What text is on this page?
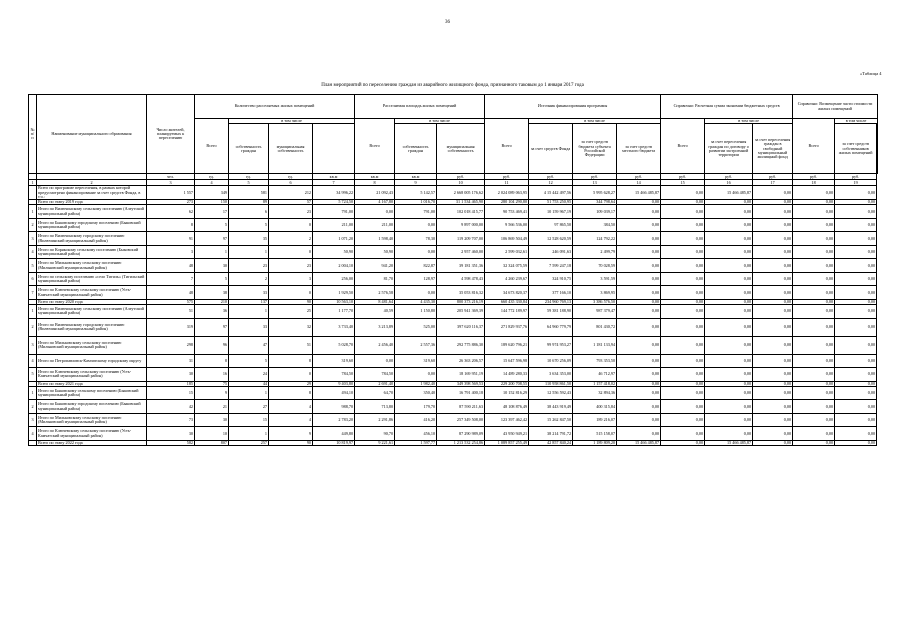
36
«Таблица 4
План мероприятий по переселению граждан из аварийного жилищного фонда, признанного таковым до 1 января 2017 года
№ п/п	Наименование муниципального образования	Число жителей, планируемых к переселению	Количество расселяемых жилых помещений				Расселяемая площадь жилых помещений			Источник финансирования программы				Справочно: Расчетная сумма экономии бюджетных средств			Справочно: Возмещение части стоимости жилых помещений		
			Всего	в том числе			Всего	в том числе		Всего	в том числе			Всего	в том числе		Всего	в том числе	
				собственность граждан	муниципальная собственность			собственность граждан	муниципальная собственность		за счет средств Фонда	за счет средств бюджета субъекта Российской Федерации	за счет средств местного бюджета		за счет переселения граждан по договору о развитии застроенной территории	за счет переселения граждан в свободный муниципальный жилищный фонд		за счет средств собственников жилых помещений	
		чел.	ед.	ед.	ед.	кв.м	кв.м	кв.м	руб.	руб.	руб.	руб.	руб.	руб.	руб.	руб.	руб.	руб.	
1	2	3	4	5	6	7	8	9	10	11	12	13	14	15	16	17	18	19	
	Всего по программе переселения, в рамках которой предусмотрено финансирование за счет средств Фонда, в т.ч.:	1 557	349	581	212	34 996,22	21 092,43	5 142,57	2 668 005 176,62	2 024 089 063,95	4 15 442 497,56	5 995 628,27	15 466 485,87	0,00	15 466 485,87	0,00	0,00	0,00	
	Всего по этапу 2019 года	273	150	89	57	5 724,50	4 167,80	1 016,70	31 1 534 465,90	280 104 290,80	51 753 250,95	344 798,64	0,00	0,00	0,00	0,00	0,00	0,00	
1	Итого по Вилючинскому сельскому поселению (Алеутский муниципальный район)	62	17	6	23	791,00	0,00	791,00	102 018 415,77	90 753 469,41	10 159 967,19	109 039,17	0,00	0,00	0,00	0,00	0,00	0,00	
2	Итого по Быковскому городскому поселению (Быковский муниципальный район)	8	5	5	0	211,00	211,00	0,00	9 897 000,00	9 566 536,00	97 865,50	384,50	0,00	0,00	0,00	0,00	0,00	0,00	
3	Итого по Вилючинскому городскому поселению (Вилючинский муниципальный район)	91	97	35	2	1 071,20	1 598,40	78,30	119 209 707,00	106 869 504,49	12 528 620,59	124 792,22	0,00	0,00	0,00	0,00	0,00	0,00	
4	Итого по Корякскому сельскому поселению (Быковский муниципальный район)	3	1	1	0	50,90	50,90	0,00	2 957 460,00	2 599 032,61	246 091,63	2 499,79	0,00	0,00	0,00	0,00	0,00	0,00	
5	Итого по Мильковскому сельскому поселению (Мильковский муниципальный район)	48	30	23	23	2 004,10	941,20	822,87	39 181 351,36	32 324 075,59	7 599 247,18	70 028,59	0,00	0,00	0,00	0,00	0,00	0,00	
6	Итого по сельскому поселению «село Тигиль» (Тигильский муниципальный район)	7	5	2	3	256,00	81,70	128,97	4 598 478,43	4 260 239,67	324 910,75	3 591,59	0,00	0,00	0,00	0,00	0,00	0,00	
7	Итого по Ключевскому сельскому поселению (Усть-Камчатский муниципальный район)	48	38	33	0	1 929,50	2 576,58	0,00	35 053 816,32	34 673 820,37	377 166,10	3 869,95	0,00	0,00	0,00	0,00	0,00	0,00	
	Всего по этапу 2020 года	575	210	137	90	10 563,10	8 481,64	4 435,30	800 373 216,19	660 435 330,84	234 960 769,13	3 386 576,50	0,00	0,00	0,00	0,00	0,00	0,00	
1	Итого по Вилючинскому сельскому поселению (Алеутский муниципальный район)	51	36	1	25	1 177,70	40,59	1 150,80	205 941 369,39	144 772 189,97	59 381 188,90	987 379,47	0,00	0,00	0,00	0,00	0,00	0,00	
2	Итого по Вилючинскому городскому поселению (Вилючинский муниципальный район)	319	97	33	32	3 733,40	3 213,89	525,00	397 620 116,37	271 829 937,76	64 960 779,79	801 430,72	0,00	0,00	0,00	0,00	0,00	0,00	
3	Итого по Мильковскому сельскому поселению (Мильковский муниципальный район)	298	96	47	51	5 028,70	2 456,40	2 557,36	292 775 886,30	189 620 796,21	99 974 953,27	1 181 133,94	0,00	0,00	0,00	0,00	0,00	0,00	
4	Итого по Петропавловск-Камчатскому городскому округу	31	8	5	8	319,60	0,00	319,60	26 363 206,57	15 647 596,98	10 670 256,09	793 353,50	0,00	0,00	0,00	0,00	0,00	0,00	
5	Итого по Ключевскому сельскому поселению (Усть-Камчатский муниципальный район)	30	16	24	0	784,50	784,50	0,00	18 169 951,19	14 489 280,33	3 634 353,00	46 712,97	0,00	0,00	0,00	0,00	0,00	0,00	
	Всего по этапу 2021 года	185	75	44	29	9 403,80	2 691,40	1 982,40	349 398 569,53	229 200 708,55	110 958 861,50	1 157 418,02	0,00	0,00	0,00	0,00	0,00	0,00	
1	Итого по Быковскому сельскому поселению (Быковский муниципальный район)	15	9	1	8	494,10	64,70	350,40	16 791 400,18	10 152 816,29	12 556 592,43	32 894,36	0,00	0,00	0,00	0,00	0,00	0,00	
2	Итого по Быковскому городскому поселению (Быковский муниципальный район)	42	21	27	4	988,70	713,80	179,70	87 590 211,63	48 108 876,49	38 443 919,49	400 315,84	0,00	0,00	0,00	0,00	0,00	0,00	
3	Итого по Мильковскому сельскому поселению (Мильковский муниципальный район)	73	30	15	4	2 783,20	2 291,86	416,20	257 349 508,00	123 397 462,42	15 262 847,50	189 216,07	0,00	0,00	0,00	0,00	0,00	0,00	
4	Итого по Ключевскому сельскому поселению (Усть-Камчатский муниципальный район)	30	10	1	9	449,80	90,70	456,10	87 290 989,09	43 950 949,21	38 214 791,72	515 158,07	0,00	0,00	0,00	0,00	0,00	0,00	
	Всего по этапу 2022 года	582	807	257	90	10 819,97	9 221,61	1 597,77	1 213 532 254,86	1 089 857 255,49	42 857 840,24	1 189 809,20	15 466 485,87	0,00	15 466 485,87	0,00	0,00	0,00	
